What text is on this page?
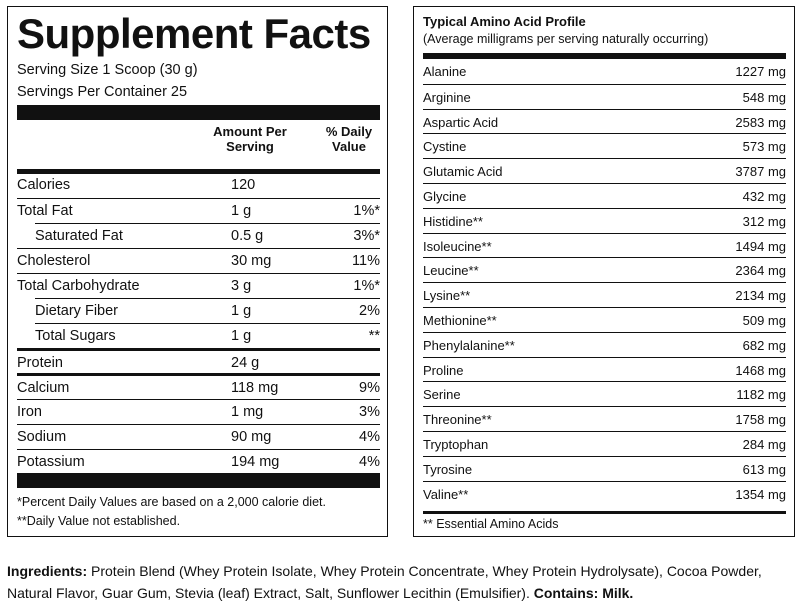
Supplement Facts
Serving Size 1 Scoop (30 g)
Servings Per Container 25
Amount Per Serving
% Daily Value
Calories	120
Total Fat	1 g	1%*
Saturated Fat	0.5 g	3%*
Cholesterol	30 mg	11%
Total Carbohydrate	3 g	1%*
Dietary Fiber	1 g	2%
Total Sugars	1 g	**
Protein	24 g
Calcium	118 mg	9%
Iron	1 mg	3%
Sodium	90 mg	4%
Potassium	194 mg	4%
*Percent Daily Values are based on a 2,000 calorie diet.
**Daily Value not established.
Typical Amino Acid Profile
(Average milligrams per serving naturally occurring)
Alanine	1227 mg
Arginine	548 mg
Aspartic Acid	2583 mg
Cystine	573 mg
Glutamic Acid	3787 mg
Glycine	432 mg
Histidine**	312 mg
Isoleucine**	1494 mg
Leucine**	2364 mg
Lysine**	2134 mg
Methionine**	509 mg
Phenylalanine**	682 mg
Proline	1468 mg
Serine	1182 mg
Threonine**	1758 mg
Tryptophan	284 mg
Tyrosine	613 mg
Valine**	1354 mg
** Essential Amino Acids
Ingredients: Protein Blend (Whey Protein Isolate, Whey Protein Concentrate, Whey Protein Hydrolysate), Cocoa Powder, Natural Flavor, Guar Gum, Stevia (leaf) Extract, Salt, Sunflower Lecithin (Emulsifier). Contains: Milk.
